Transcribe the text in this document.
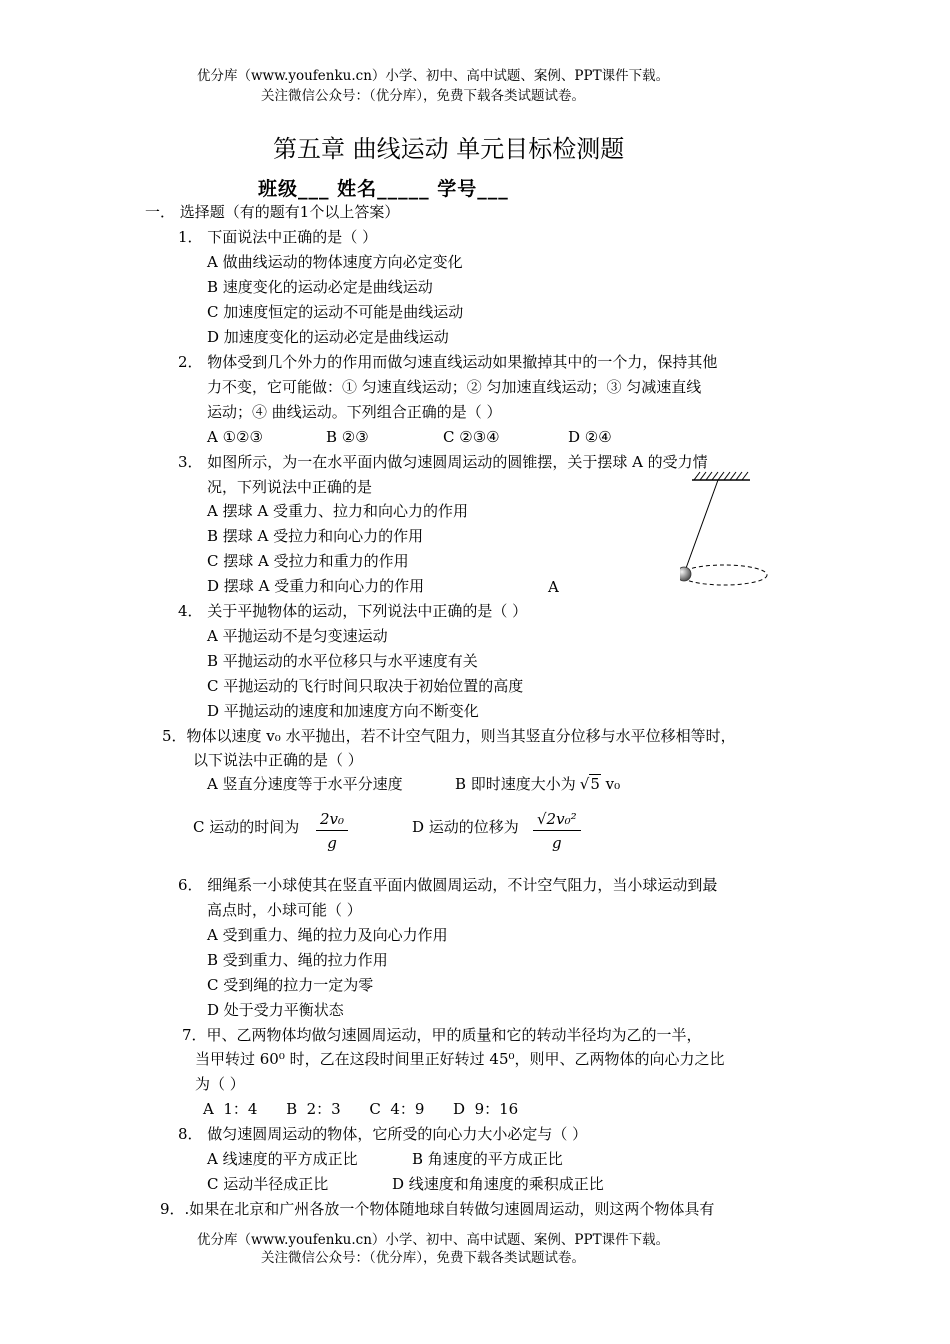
优分库（www.youfenku.cn）小学、初中、高中试题、案例、PPT课件下载。
关注微信公众号：（优分库），免费下载各类试题试卷。
第五章 曲线运动 单元目标检测题
班级___ 姓名_____ 学号___
一． 选择题（有的题有1个以上答案）
1． 下面说法中正确的是（ ）
A 做曲线运动的物体速度方向必定变化
B 速度变化的运动必定是曲线运动
C 加速度恒定的运动不可能是曲线运动
D 加速度变化的运动必定是曲线运动
2． 物体受到几个外力的作用而做匀速直线运动如果撤掉其中的一个力，保持其他
力不变，它可能做：① 匀速直线运动；② 匀加速直线运动；③ 匀减速直线
运动；④ 曲线运动。下列组合正确的是（ ）
A ①②③	B ②③	C ②③④	D ②④
3． 如图所示，为一在水平面内做匀速圆周运动的圆锥摆，关于摆球 A 的受力情
况，下列说法中正确的是
A 摆球 A 受重力、拉力和向心力的作用
B 摆球 A 受拉力和向心力的作用
C 摆球 A 受拉力和重力的作用
D 摆球 A 受重力和向心力的作用	A
4． 关于平抛物体的运动，下列说法中正确的是（ ）
A 平抛运动不是匀变速运动
B 平抛运动的水平位移只与水平速度有关
C 平抛运动的飞行时间只取决于初始位置的高度
D 平抛运动的速度和加速度方向不断变化
5．物体以速度 v₀ 水平抛出，若不计空气阻力，则当其竖直分位移与水平位移相等时，
以下说法中正确的是（ ）
A 竖直分速度等于水平分速度	B 即时速度大小为 √5 v₀
C 运动的时间为 $\frac{\text{2v₀}}{g}$	D 运动的位移为 $\frac{\text{√2v₀²}}{g}$
6． 细绳系一小球使其在竖直平面内做圆周运动，不计空气阻力，当小球运动到最
高点时，小球可能（ ）
A 受到重力、绳的拉力及向心力作用
B 受到重力、绳的拉力作用
C 受到绳的拉力一定为零
D 处于受力平衡状态
7．甲、乙两物体均做匀速圆周运动，甲的质量和它的转动半径均为乙的一半，
当甲转过 60⁰ 时，乙在这段时间里正好转过 45⁰，则甲、乙两物体的向心力之比
为（ ）
A  1：4      B  2：3      C  4：9      D  9：16
8． 做匀速圆周运动的物体，它所受的向心力大小必定与（ ）
A 线速度的平方成正比	B 角速度的平方成正比
C 运动半径成正比	D 线速度和角速度的乘积成正比
9．.如果在北京和广州各放一个物体随地球自转做匀速圆周运动，则这两个物体具有
优分库（www.youfenku.cn）小学、初中、高中试题、案例、PPT课件下载。
关注微信公众号：（优分库），免费下载各类试题试卷。
